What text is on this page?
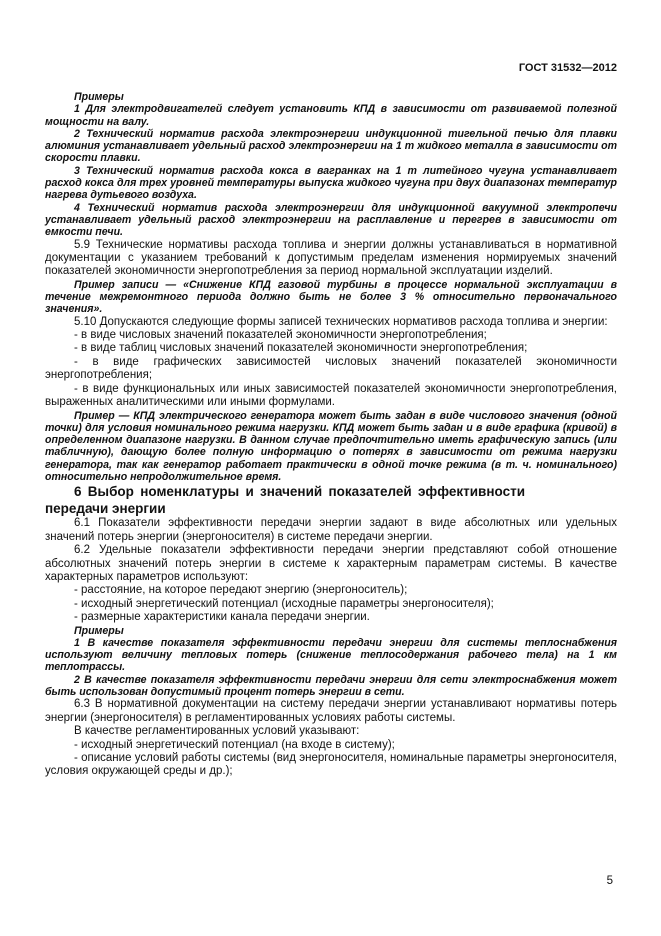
ГОСТ 31532—2012

Примеры

1 Для электродвигателей следует установить КПД в зависимости от развиваемой полезной мощности на валу.

2 Технический норматив расхода электроэнергии индукционной тигельной печью для плавки алюминия устанавливает удельный расход электроэнергии на 1 т жидкого металла в зависимости от скорости плавки.

3 Технический норматив расхода кокса в вагранках на 1 т литейного чугуна устанавливает расход кокса для трех уровней температуры выпуска жидкого чугуна при двух диапазонах температур нагрева дутьевого воздуха.

4 Технический норматив расхода электроэнергии для индукционной вакуумной электропечи устанавливает удельный расход электроэнергии на расплавление и перегрев в зависимости от емкости печи.

5.9 Технические нормативы расхода топлива и энергии должны устанавливаться в нормативной документации с указанием требований к допустимым пределам изменения нормируемых значений показателей экономичности энергопотребления за период нормальной эксплуатации изделий.

Пример записи — «Снижение КПД газовой турбины в процессе нормальной эксплуатации в течение межремонтного периода должно быть не более 3 % относительно первоначального значения».

5.10 Допускаются следующие формы записей технических нормативов расхода топлива и энергии:

- в виде числовых значений показателей экономичности энергопотребления;

- в виде таблиц числовых значений показателей экономичности энергопотребления;

- в виде графических зависимостей числовых значений показателей экономичности энергопотребления;

- в виде функциональных или иных зависимостей показателей экономичности энергопотребления, выраженных аналитическими или иными формулами.

Пример — КПД электрического генератора может быть задан в виде числового значения (одной точки) для условия номинального режима нагрузки. КПД может быть задан и в виде графика (кривой) в определенном диапазоне нагрузки. В данном случае предпочтительно иметь графическую запись (или табличную), дающую более полную информацию о потерях в зависимости от режима нагрузки генератора, так как генератор работает практически в одной точке режима (в т. ч. номинального) относительно непродолжительное время.

6 Выбор номенклатуры и значений показателей эффективности передачи энергии

6.1 Показатели эффективности передачи энергии задают в виде абсолютных или удельных значений потерь энергии (энергоносителя) в системе передачи энергии.

6.2 Удельные показатели эффективности передачи энергии представляют собой отношение абсолютных значений потерь энергии в системе к характерным параметрам системы. В качестве характерных параметров используют:

- расстояние, на которое передают энергию (энергоноситель);

- исходный энергетический потенциал (исходные параметры энергоносителя);

- размерные характеристики канала передачи энергии.

Примеры

1 В качестве показателя эффективности передачи энергии для системы теплоснабжения используют величину тепловых потерь (снижение теплосодержания рабочего тела) на 1 км теплотрассы.

2 В качестве показателя эффективности передачи энергии для сети электроснабжения может быть использован допустимый процент потерь энергии в сети.

6.3 В нормативной документации на систему передачи энергии устанавливают нормативы потерь энергии (энергоносителя) в регламентированных условиях работы системы.

В качестве регламентированных условий указывают:

- исходный энергетический потенциал (на входе в систему);

- описание условий работы системы (вид энергоносителя, номинальные параметры энергоносителя, условия окружающей среды и др.);

5
